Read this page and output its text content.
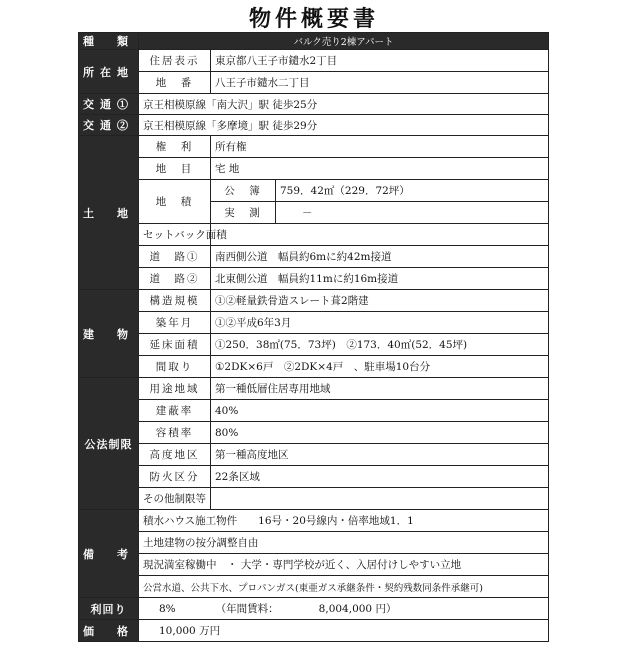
物件概要書
種　類	バルク売り2棟アパート		
所在地	住居表示	東京都八王子市鑓水2丁目	
	地　番	八王子市鑓水二丁目	
交通①	京王相模原線「南大沢」駅 徒歩25分		
交通②	京王相模原線「多摩境」駅 徒歩29分		
土　地	権　利	所有権	
	地　目	宅 地	
	地　積	公　簿	759．42㎡（229．72坪）
		実　測	－
	セットバック面積		
	道　路①	南西側公道　幅員約6mに約42m接道	
	道　路②	北東側公道　幅員約11mに約16m接道	
建　物	構造規模	①②軽量鉄骨造スレート葺2階建	
	築年月	①②平成6年3月	
	延床面積	①250．38㎡(75．73坪)　②173．40㎡(52．45坪)	
	間取り	①2DK×6戸　②2DK×4戸　、駐車場10台分	
公法制限	用途地域	第一種低層住居専用地域	
	建蔽率	40%	
	容積率	80%	
	高度地区	第一種高度地区	
	防火区分	22条区域	
	その他制限等		
備　考	積水ハウス施工物件　　16号・20号線内・倍率地域1．1		
	土地建物の按分調整自由		
	現況満室稼働中　・ 大学・専門学校が近く、入居付けしやすい立地		
	公営水道、公共下水、プロパンガス(東亜ガス承継条件・契約残数同条件承継可)		
利回り	8% （年間賃料： 8,004,000 円）		
価　格	10,000 万円		
